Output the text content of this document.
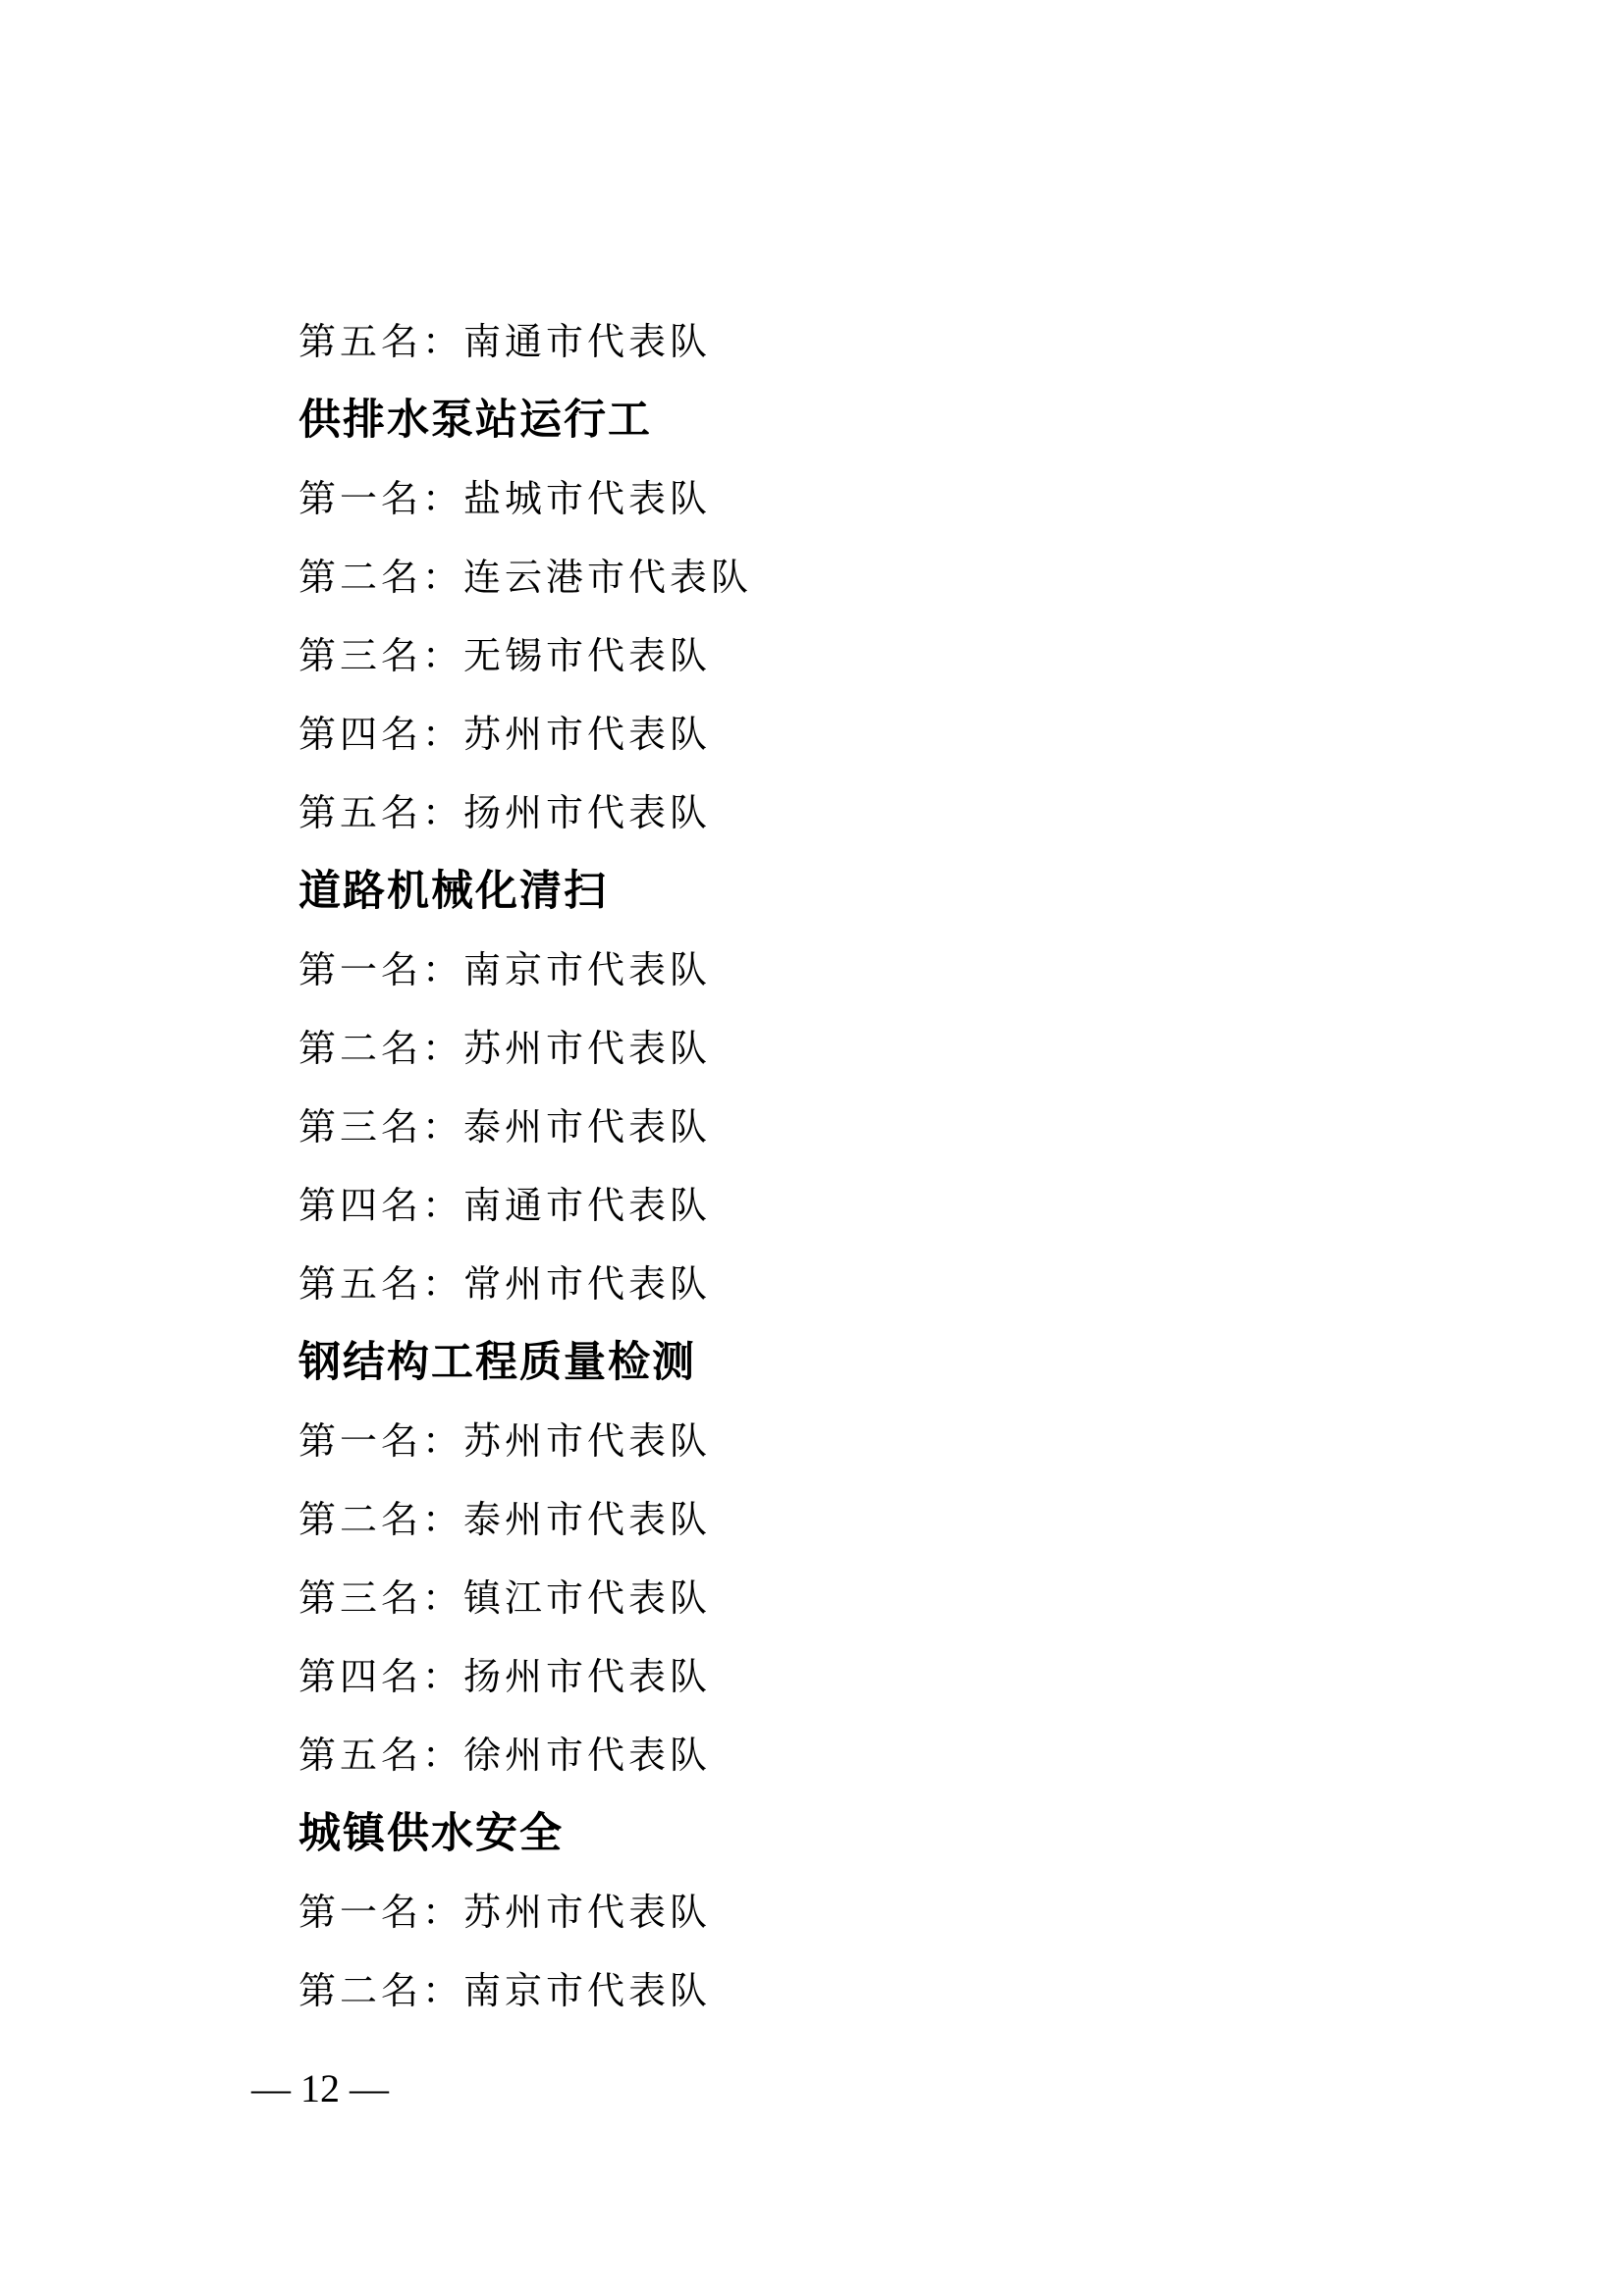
第五名：南通市代表队
供排水泵站运行工
第一名：盐城市代表队
第二名：连云港市代表队
第三名：无锡市代表队
第四名：苏州市代表队
第五名：扬州市代表队
道路机械化清扫
第一名：南京市代表队
第二名：苏州市代表队
第三名：泰州市代表队
第四名：南通市代表队
第五名：常州市代表队
钢结构工程质量检测
第一名：苏州市代表队
第二名：泰州市代表队
第三名：镇江市代表队
第四名：扬州市代表队
第五名：徐州市代表队
城镇供水安全
第一名：苏州市代表队
第二名：南京市代表队
— 12 —
